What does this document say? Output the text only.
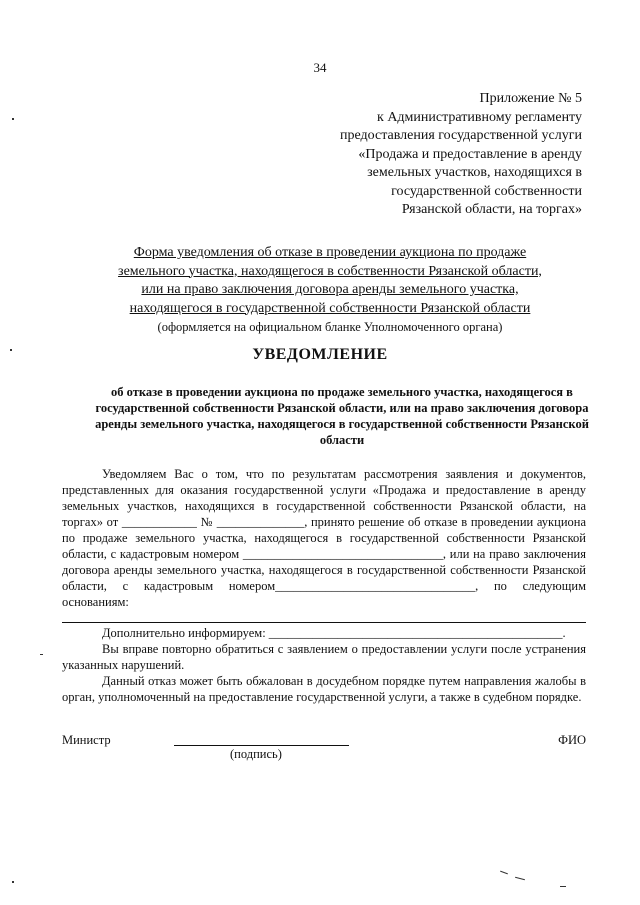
34
Приложение № 5
к Административному регламенту
предоставления государственной услуги
«Продажа и предоставление в аренду
земельных участков, находящихся в
государственной собственности
Рязанской области, на торгах»
Форма уведомления об отказе в проведении аукциона по продаже
земельного участка, находящегося в собственности Рязанской области,
или на право заключения договора аренды земельного участка,
находящегося в государственной собственности Рязанской области
(оформляется на официальном бланке Уполномоченного органа)
УВЕДОМЛЕНИЕ
об отказе в проведении аукциона по продаже земельного участка, находящегося в государственной собственности Рязанской области, или на право заключения договора аренды земельного участка, находящегося в государственной собственности Рязанской области

Уведомляем Вас о том, что по результатам рассмотрения заявления и документов, представленных для оказания государственной услуги «Продажа и предоставление в аренду земельных участков, находящихся в государственной собственности Рязанской области, на торгах» от ____________ № ______________, принято решение об отказе в проведении аукциона по продаже земельного участка, находящегося в государственной собственности Рязанской области, с кадастровым номером ________________________________, или на право заключения договора аренды земельного участка, находящегося в государственной собственности Рязанской области, с кадастровым номером________________________________, по следующим основаниям:

Дополнительно информируем: _______________________________________________.

Вы вправе повторно обратиться с заявлением о предоставлении услуги после устранения указанных нарушений.

Данный отказ может быть обжалован в досудебном порядке путем направления жалобы в орган, уполномоченный на предоставление государственной услуги, а также в судебном порядке.

Министр
(подпись)
ФИО
